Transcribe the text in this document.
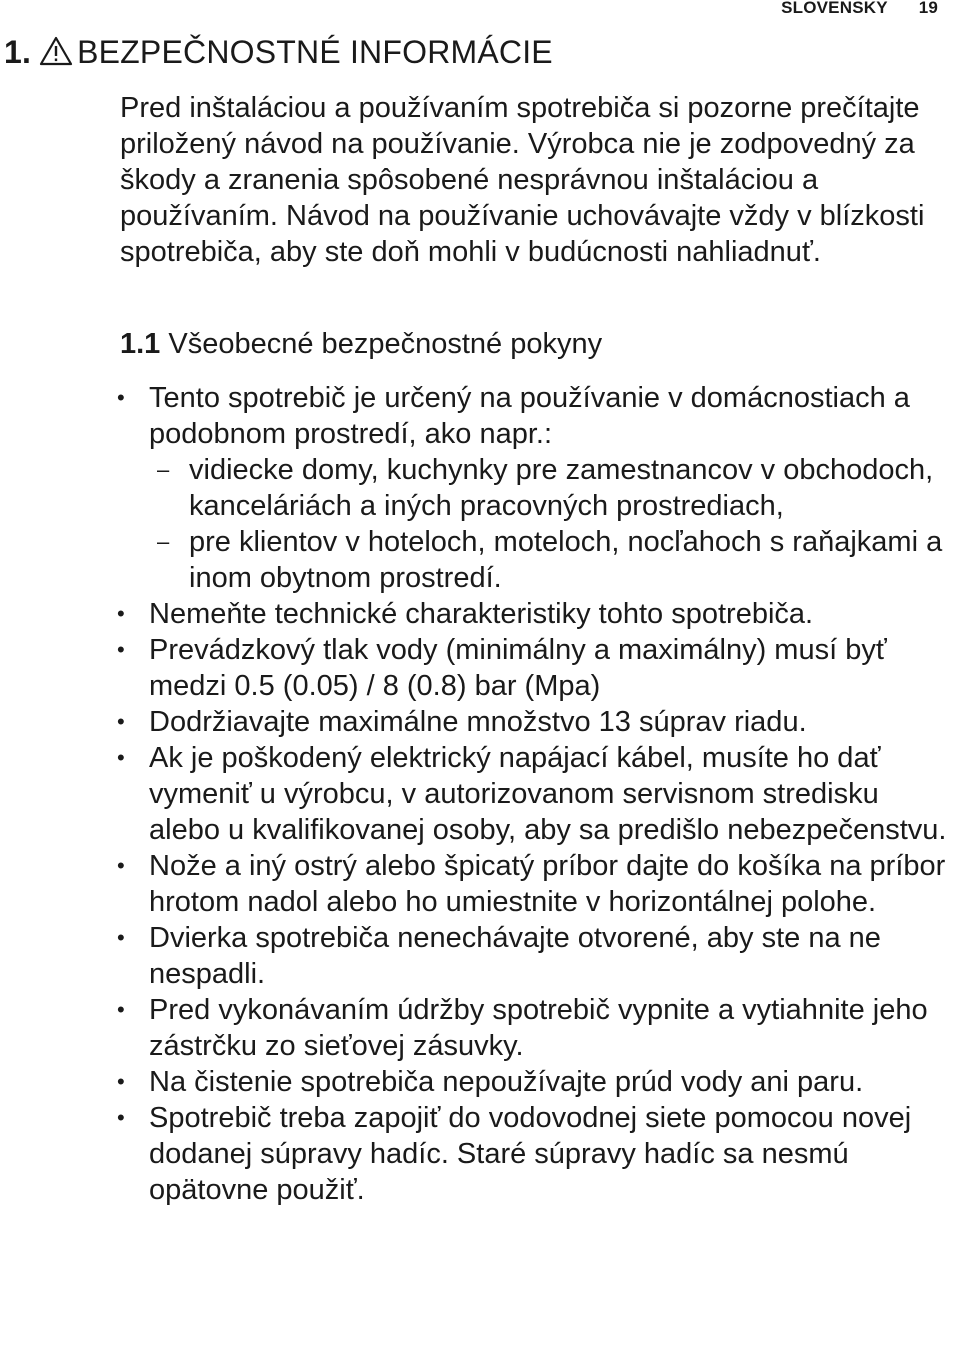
SLOVENSKY 19
1. BEZPEČNOSTNÉ INFORMÁCIE

Pred inštaláciou a používaním spotrebiča si pozorne prečítajte priložený návod na používanie. Výrobca nie je zodpovedný za škody a zranenia spôsobené nesprávnou inštaláciou a používaním. Návod na používanie uchovávajte vždy v blízkosti spotrebiča, aby ste doň mohli v budúcnosti nahliadnuť.

1.1 Všeobecné bezpečnostné pokyny
• Tento spotrebič je určený na používanie v domácnostiach a podobnom prostredí, ako napr.:
– vidiecke domy, kuchynky pre zamestnancov v obchodoch, kanceláriách a iných pracovných prostrediach,
– pre klientov v hoteloch, moteloch, nocľahoch s raňajkami a inom obytnom prostredí.
• Nemeňte technické charakteristiky tohto spotrebiča.
• Prevádzkový tlak vody (minimálny a maximálny) musí byť medzi 0.5 (0.05) / 8 (0.8) bar (Mpa)
• Dodržiavajte maximálne množstvo 13 súprav riadu.
• Ak je poškodený elektrický napájací kábel, musíte ho dať vymeniť u výrobcu, v autorizovanom servisnom stredisku alebo u kvalifikovanej osoby, aby sa predišlo nebezpečenstvu.
• Nože a iný ostrý alebo špicatý príbor dajte do košíka na príbor hrotom nadol alebo ho umiestnite v horizontálnej polohe.
• Dvierka spotrebiča nenechávajte otvorené, aby ste na ne nespadli.
• Pred vykonávaním údržby spotrebič vypnite a vytiahnite jeho zástrčku zo sieťovej zásuvky.
• Na čistenie spotrebiča nepoužívajte prúd vody ani paru.
• Spotrebič treba zapojiť do vodovodnej siete pomocou novej dodanej súpravy hadíc. Staré súpravy hadíc sa nesmú opätovne použiť.
